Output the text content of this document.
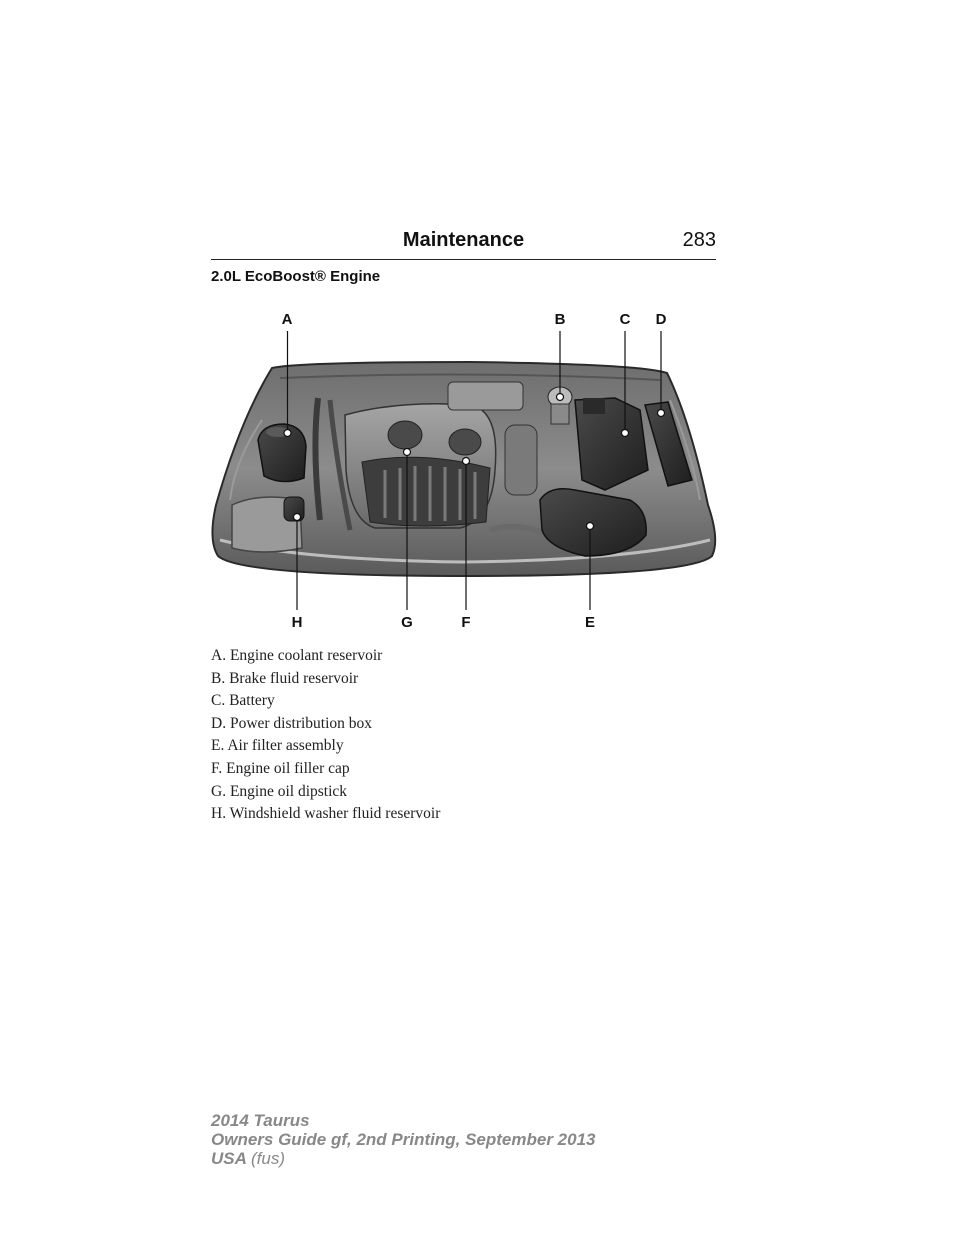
Maintenance	283
2.0L EcoBoost® Engine
A	B	C D
H	G	F	E
A. Engine coolant reservoir
B. Brake fluid reservoir
C. Battery
D. Power distribution box
E. Air filter assembly
F. Engine oil filler cap
G. Engine oil dipstick
H. Windshield washer fluid reservoir
2014 Taurus
Owners Guide gf, 2nd Printing, September 2013
USA (fus)
